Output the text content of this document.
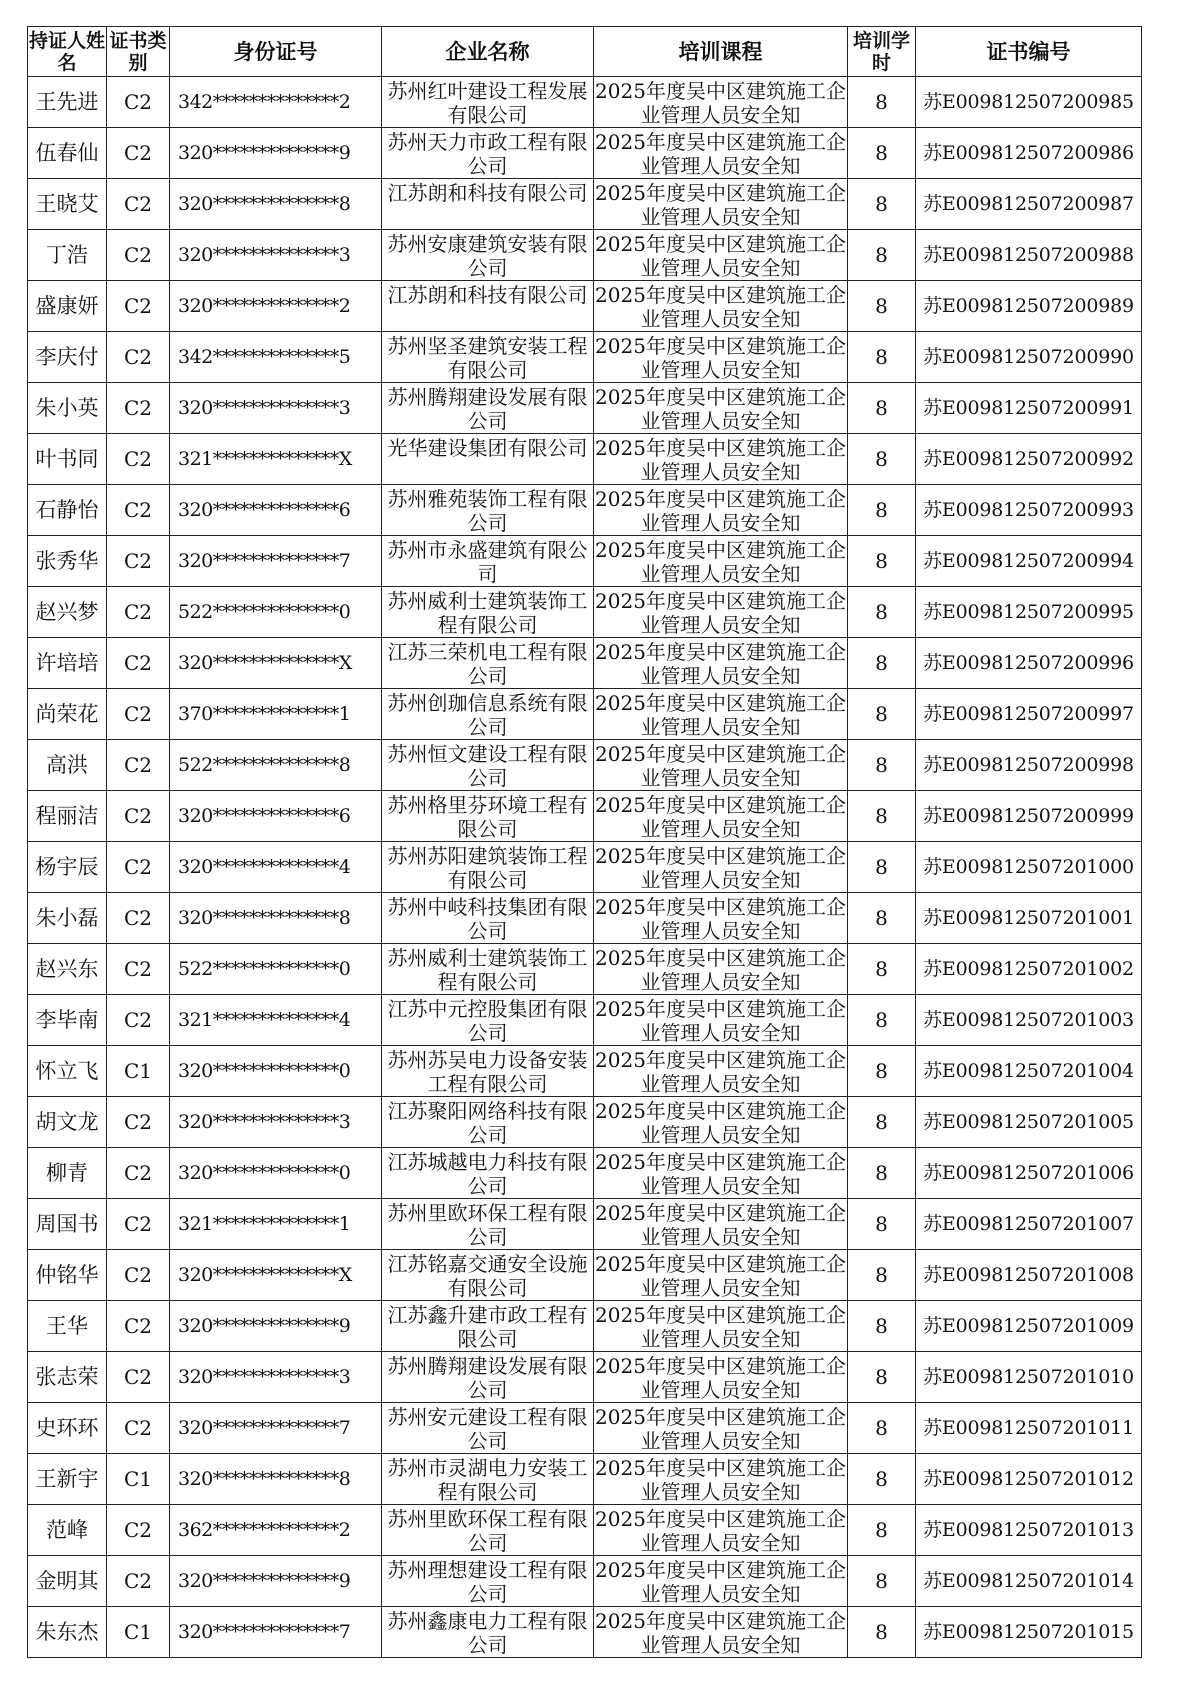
持证人姓名	证书类别	身份证号	企业名称	培训课程	培训学时	证书编号
王先进	C2	342**************2	苏州红叶建设工程发展有限公司	2025年度吴中区建筑施工企业管理人员安全知	8	苏E009812507200985
伍春仙	C2	320**************9	苏州天力市政工程有限公司	2025年度吴中区建筑施工企业管理人员安全知	8	苏E009812507200986
王晓艾	C2	320**************8	江苏朗和科技有限公司	2025年度吴中区建筑施工企业管理人员安全知	8	苏E009812507200987
丁浩	C2	320**************3	苏州安康建筑安装有限公司	2025年度吴中区建筑施工企业管理人员安全知	8	苏E009812507200988
盛康妍	C2	320**************2	江苏朗和科技有限公司	2025年度吴中区建筑施工企业管理人员安全知	8	苏E009812507200989
李庆付	C2	342**************5	苏州坚圣建筑安装工程有限公司	2025年度吴中区建筑施工企业管理人员安全知	8	苏E009812507200990
朱小英	C2	320**************3	苏州腾翔建设发展有限公司	2025年度吴中区建筑施工企业管理人员安全知	8	苏E009812507200991
叶书同	C2	321**************X	光华建设集团有限公司	2025年度吴中区建筑施工企业管理人员安全知	8	苏E009812507200992
石静怡	C2	320**************6	苏州雅苑装饰工程有限公司	2025年度吴中区建筑施工企业管理人员安全知	8	苏E009812507200993
张秀华	C2	320**************7	苏州市永盛建筑有限公司	2025年度吴中区建筑施工企业管理人员安全知	8	苏E009812507200994
赵兴梦	C2	522**************0	苏州威利士建筑装饰工程有限公司	2025年度吴中区建筑施工企业管理人员安全知	8	苏E009812507200995
许培培	C2	320**************X	江苏三荣机电工程有限公司	2025年度吴中区建筑施工企业管理人员安全知	8	苏E009812507200996
尚荣花	C2	370**************1	苏州创珈信息系统有限公司	2025年度吴中区建筑施工企业管理人员安全知	8	苏E009812507200997
高洪	C2	522**************8	苏州恒文建设工程有限公司	2025年度吴中区建筑施工企业管理人员安全知	8	苏E009812507200998
程丽洁	C2	320**************6	苏州格里芬环境工程有限公司	2025年度吴中区建筑施工企业管理人员安全知	8	苏E009812507200999
杨宇辰	C2	320**************4	苏州苏阳建筑装饰工程有限公司	2025年度吴中区建筑施工企业管理人员安全知	8	苏E009812507201000
朱小磊	C2	320**************8	苏州中岐科技集团有限公司	2025年度吴中区建筑施工企业管理人员安全知	8	苏E009812507201001
赵兴东	C2	522**************0	苏州威利士建筑装饰工程有限公司	2025年度吴中区建筑施工企业管理人员安全知	8	苏E009812507201002
李毕南	C2	321**************4	江苏中元控股集团有限公司	2025年度吴中区建筑施工企业管理人员安全知	8	苏E009812507201003
怀立飞	C1	320**************0	苏州苏吴电力设备安装工程有限公司	2025年度吴中区建筑施工企业管理人员安全知	8	苏E009812507201004
胡文龙	C2	320**************3	江苏聚阳网络科技有限公司	2025年度吴中区建筑施工企业管理人员安全知	8	苏E009812507201005
柳青	C2	320**************0	江苏城越电力科技有限公司	2025年度吴中区建筑施工企业管理人员安全知	8	苏E009812507201006
周国书	C2	321**************1	苏州里欧环保工程有限公司	2025年度吴中区建筑施工企业管理人员安全知	8	苏E009812507201007
仲铭华	C2	320**************X	江苏铭嘉交通安全设施有限公司	2025年度吴中区建筑施工企业管理人员安全知	8	苏E009812507201008
王华	C2	320**************9	江苏鑫升建市政工程有限公司	2025年度吴中区建筑施工企业管理人员安全知	8	苏E009812507201009
张志荣	C2	320**************3	苏州腾翔建设发展有限公司	2025年度吴中区建筑施工企业管理人员安全知	8	苏E009812507201010
史环环	C2	320**************7	苏州安元建设工程有限公司	2025年度吴中区建筑施工企业管理人员安全知	8	苏E009812507201011
王新宇	C1	320**************8	苏州市灵湖电力安装工程有限公司	2025年度吴中区建筑施工企业管理人员安全知	8	苏E009812507201012
范峰	C2	362**************2	苏州里欧环保工程有限公司	2025年度吴中区建筑施工企业管理人员安全知	8	苏E009812507201013
金明其	C2	320**************9	苏州理想建设工程有限公司	2025年度吴中区建筑施工企业管理人员安全知	8	苏E009812507201014
朱东杰	C1	320**************7	苏州鑫康电力工程有限公司	2025年度吴中区建筑施工企业管理人员安全知	8	苏E009812507201015
